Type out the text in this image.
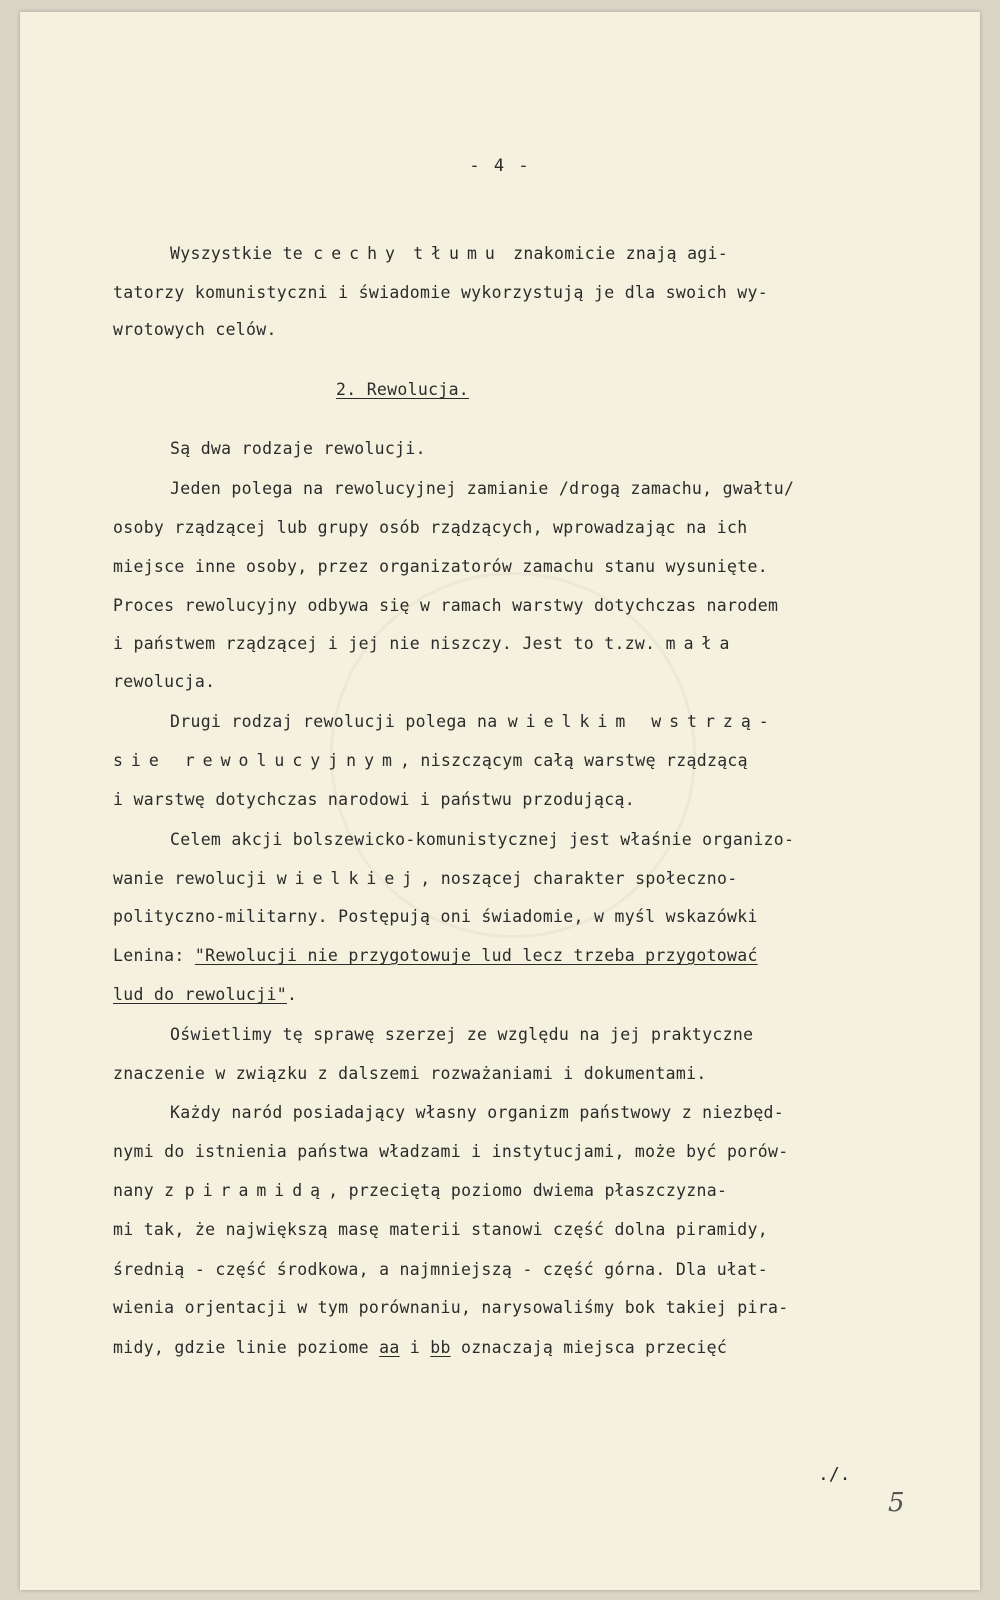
- 4 -
Wyszystkie te cechy tłumu znakomicie znają agi-
tatorzy komunistyczni i świadomie wykorzystują je dla swoich wy-
wrotowych celów.
2. Rewolucja.
Są dwa rodzaje rewolucji.
Jeden polega na rewolucyjnej zamianie /drogą zamachu, gwałtu/
osoby rządzącej lub grupy osób rządzących, wprowadzając na ich
miejsce inne osoby, przez organizatorów zamachu stanu wysunięte.
Proces rewolucyjny odbywa się w ramach warstwy dotychczas narodem
i państwem rządzącej i jej nie niszczy. Jest to t.zw. mała
rewolucja.
Drugi rodzaj rewolucji polega na wielkim wstrzą-
sie rewolucyjnym, niszczącym całą warstwę rządzącą
i warstwę dotychczas narodowi i państwu przodującą.
Celem akcji bolszewicko-komunistycznej jest właśnie organizo-
wanie rewolucji wielkiej, noszącej charakter społeczno-
polityczno-militarny. Postępują oni świadomie, w myśl wskazówki
Lenina: "Rewolucji nie przygotowuje lud lecz trzeba przygotować
lud do rewolucji".
Oświetlimy tę sprawę szerzej ze względu na jej praktyczne
znaczenie w związku z dalszemi rozważaniami i dokumentami.
Każdy naród posiadający własny organizm państwowy z niezbęd-
nymi do istnienia państwa władzami i instytucjami, może być porów-
nany z piramidą, przeciętą poziomo dwiema płaszczyzna-
mi tak, że największą masę materii stanowi część dolna piramidy,
średnią - część środkowa, a najmniejszą - część górna. Dla ułat-
wienia orjentacji w tym porównaniu, narysowaliśmy bok takiej pira-
midy, gdzie linie poziome aa i bb oznaczają miejsca przecięć
./.
5
